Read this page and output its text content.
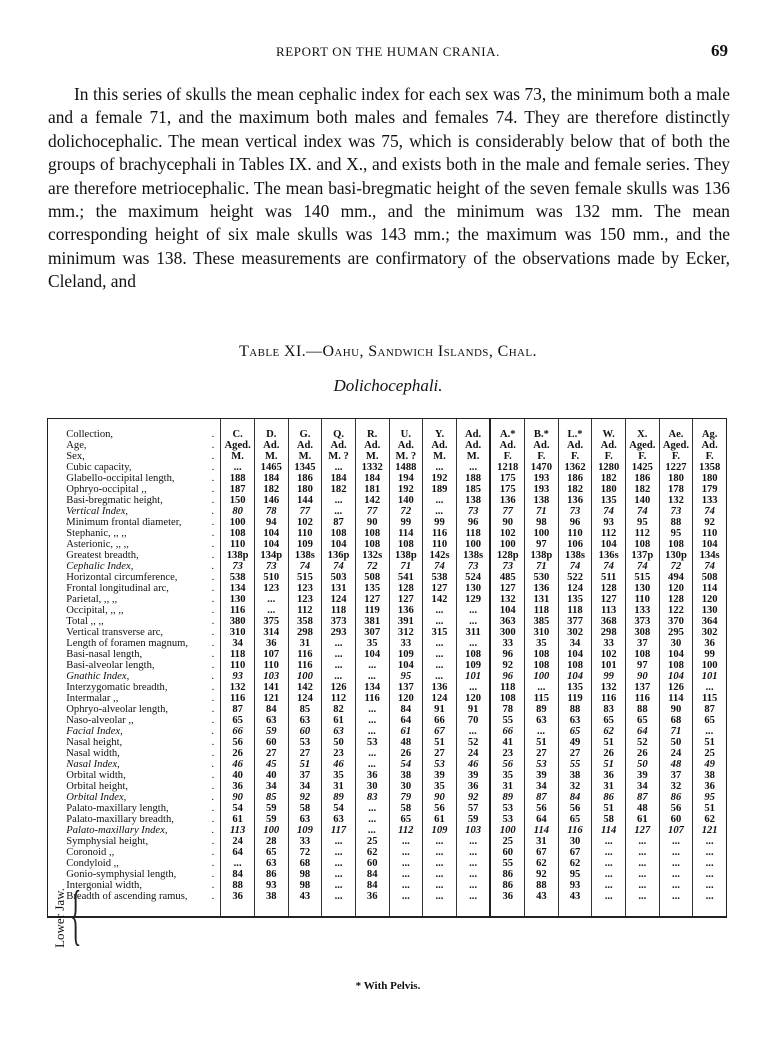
REPORT ON THE HUMAN CRANIA.	69

In this series of skulls the mean cephalic index for each sex was 73, the minimum both a male and a female 71, and the maximum both males and females 74. They are therefore distinctly dolichocephalic. The mean vertical index was 75, which is considerably below that of both the groups of brachycephali in Tables IX. and X., and exists both in the male and female series. They are therefore metriocephalic. The mean basi-bregmatic height of the seven female skulls was 136 mm.; the maximum height was 140 mm., and the minimum was 132 mm. The mean corresponding height of six male skulls was 143 mm.; the maximum was 150 mm., and the minimum was 138. These measurements are confirmatory of the observations made by Ecker, Cleland, and

Table XI.—Oahu, Sandwich Islands, Chal.
Dolichocephali.
	Collection, .	C.	D.	G.	Q.	R.	U.	Y.	Ad.	A.*	B.*	L.*	W.	X.	Ae.	Ag.
	Age, .	Aged.	Ad.	Ad.	Ad.	Ad.	Ad.	Ad.	Ad.	Ad.	Ad.	Ad.	Ad.	Aged.	Aged.	Ad.
	Sex, .	M.	M.	M.	M. ?	M.	M. ?	M.	M.	F.	F.	F.	F.	F.	F.	F.
	Cubic capacity, .	...	1465	1345	...	1332	1488	...	...	1218	1470	1362	1280	1425	1227	1358
	Glabello-occipital length, .	188	184	186	184	184	194	192	188	175	193	186	182	186	180	180
	Ophryo-occipital ,, .	187	182	180	182	181	192	189	185	175	193	182	180	182	178	179
	Basi-bregmatic height, .	150	146	144	...	142	140	...	138	136	138	136	135	140	132	133
	Vertical Index, .	80	78	77	...	77	72	...	73	77	71	73	74	74	73	74
	Minimum frontal diameter, .	100	94	102	87	90	99	99	96	90	98	96	93	95	88	92
	Stephanic, ,, ,, .	108	104	110	108	108	114	116	118	102	100	110	112	112	95	110
	Asterionic, ,, ,, .	110	104	109	104	108	108	110	100	100	97	106	104	108	108	104
	Greatest breadth, .	138p	134p	138s	136p	132s	138p	142s	138s	128p	138p	138s	136s	137p	130p	134s
	Cephalic Index, .	73	73	74	74	72	71	74	73	73	71	74	74	74	72	74
	Horizontal circumference, .	538	510	515	503	508	541	538	524	485	530	522	511	515	494	508
	Frontal longitudinal arc, .	134	123	123	131	135	128	127	130	127	136	124	128	130	120	114
	Parietal, ,, ,, .	130	...	123	124	127	127	142	129	132	131	135	127	110	128	120
	Occipital, ,, ,, .	116	...	112	118	119	136	...	...	104	118	118	113	133	122	130
	Total ,, ,, .	380	375	358	373	381	391	...	...	363	385	377	368	373	370	364
	Vertical transverse arc, .	310	314	298	293	307	312	315	311	300	310	302	298	308	295	302
	Length of foramen magnum, .	34	36	31	...	35	33	...	...	33	35	34	33	37	30	36
	Basi-nasal length, .	118	107	116	...	104	109	...	108	96	108	104	102	108	104	99
	Basi-alveolar length, .	110	110	116	...	...	104	...	109	92	108	108	101	97	108	100
	Gnathic Index, .	93	103	100	...	...	95	...	101	96	100	104	99	90	104	101
	Interzygomatic breadth, .	132	141	142	126	134	137	136	...	118	...	135	132	137	126	...
	Intermalar ,, .	116	121	124	112	116	120	124	120	108	115	119	116	116	114	115
	Ophryo-alveolar length, .	87	84	85	82	...	84	91	91	78	89	88	83	88	90	87
	Naso-alveolar ,, .	65	63	63	61	...	64	66	70	55	63	63	65	65	68	65
	Facial Index, .	66	59	60	63	...	61	67	...	66	...	65	62	64	71	...
	Nasal height, .	56	60	53	50	53	48	51	52	41	51	49	51	52	50	51
	Nasal width, .	26	27	27	23	...	26	27	24	23	27	27	26	26	24	25
	Nasal Index, .	46	45	51	46	...	54	53	46	56	53	55	51	50	48	49
	Orbital width, .	40	40	37	35	36	38	39	39	35	39	38	36	39	37	38
	Orbital height, .	36	34	34	31	30	30	35	36	31	34	32	31	34	32	36
	Orbital Index, .	90	85	92	89	83	79	90	92	89	87	84	86	87	86	95
	Palato-maxillary length, .	54	59	58	54	...	58	56	57	53	56	56	51	48	56	51
	Palato-maxillary breadth, .	61	59	63	63	...	65	61	59	53	64	65	58	61	60	62
	Palato-maxillary Index, .	113	100	109	117	...	112	109	103	100	114	116	114	127	107	121
	Symphysial height, .	24	28	33	...	25	...	...	...	25	31	30	...	...	...	...
	Coronoid ,, .	64	65	72	...	62	...	...	...	60	67	67	...	...	...	...
	Condyloid ,, .	...	63	68	...	60	...	...	...	55	62	62	...	...	...	...
	Gonio-symphysial length, .	84	86	98	...	84	...	...	...	86	92	95	...	...	...	...
	Intergonial width, .	88	93	98	...	84	...	...	...	86	88	93	...	...	...	...
	Breadth of ascending ramus, .	36	38	43	...	36	...	...	...	36	43	43	...	...	...	...
Lower Jaw. {
* With Pelvis.
